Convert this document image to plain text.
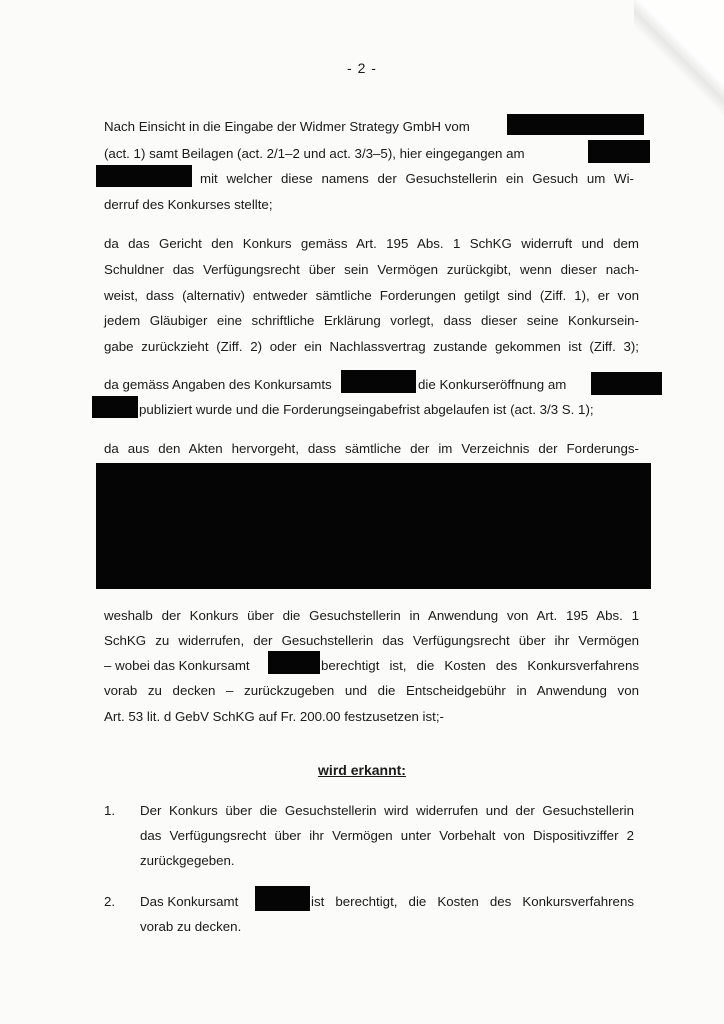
- 2 -
Nach Einsicht in die Eingabe der Widmer Strategy GmbH vom
(act. 1) samt Beilagen (act. 2/1–2 und act. 3/3–5), hier eingegangen am
mit welcher diese namens der Gesuchstellerin ein Gesuch um Wi-
derruf des Konkurses stellte;
da das Gericht den Konkurs gemäss Art. 195 Abs. 1 SchKG widerruft und dem
Schuldner das Verfügungsrecht über sein Vermögen zurückgibt, wenn dieser nach-
weist, dass (alternativ) entweder sämtliche Forderungen getilgt sind (Ziff. 1), er von
jedem Gläubiger eine schriftliche Erklärung vorlegt, dass dieser seine Konkursein-
gabe zurückzieht (Ziff. 2) oder ein Nachlassvertrag zustande gekommen ist (Ziff. 3);
da gemäss Angaben des Konkursamts	die Konkurseröffnung am
publiziert wurde und die Forderungseingabefrist abgelaufen ist (act. 3/3 S. 1);
da aus den Akten hervorgeht, dass sämtliche der im Verzeichnis der Forderungs-
weshalb der Konkurs über die Gesuchstellerin in Anwendung von Art. 195 Abs. 1
SchKG zu widerrufen, der Gesuchstellerin das Verfügungsrecht über ihr Vermögen
– wobei das Konkursamt	berechtigt ist, die Kosten des Konkursverfahrens
vorab zu decken – zurückzugeben und die Entscheidgebühr in Anwendung von
Art. 53 lit. d GebV SchKG auf Fr. 200.00 festzusetzen ist;-
wird erkannt:
1. Der Konkurs über die Gesuchstellerin wird widerrufen und der Gesuchstellerin
das Verfügungsrecht über ihr Vermögen unter Vorbehalt von Dispositivziffer 2
zurückgegeben.
2. Das Konkursamt	ist berechtigt, die Kosten des Konkursverfahrens
vorab zu decken.
